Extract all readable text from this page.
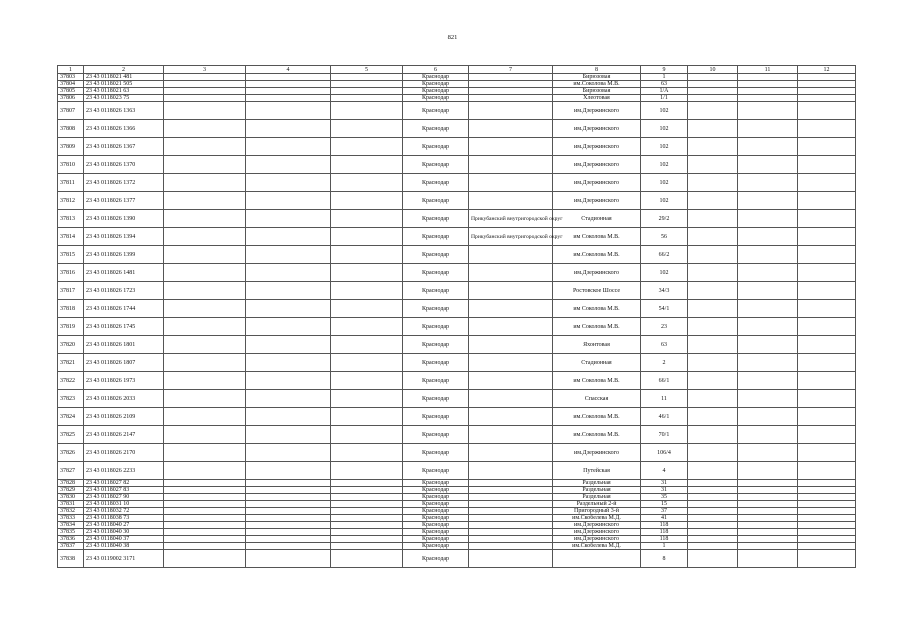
821
1	2	3	4	5	6	7	8	9	10	11	12
37803	23 43 0118021 481				Краснодар		Бирюзовая	1			
37804	23 43 0118021 505				Краснодар		им.Соколова М.В.	63			
37805	23 43 0118021 63				Краснодар		Бирюзовая	1/А			
37806	23 43 0118023 75				Краснодар		Хлеотовая	1/1			
37807	23 43 0118026 1363				Краснодар		им.Дзержинского	102			
37808	23 43 0118026 1366				Краснодар		им.Дзержинского	102			
37809	23 43 0118026 1367				Краснодар		им.Дзержинского	102			
37810	23 43 0118026 1370				Краснодар		им.Дзержинского	102			
37811	23 43 0118026 1372				Краснодар		им.Дзержинского	102			
37812	23 43 0118026 1377				Краснодар		им.Дзержинского	102			
37813	23 43 0118026 1390				Краснодар	Прикубанский внутригородской округ	Стадионная	29/2			
37814	23 43 0118026 1394				Краснодар	Прикубанский внутригородской округ	им Соколова М.В.	56			
37815	23 43 0118026 1399				Краснодар		им.Соколова М.В.	66/2			
37816	23 43 0118026 1481				Краснодар		им.Дзержинского	102			
37817	23 43 0118026 1723				Краснодар		Ростовское Шоссе	34/3			
37818	23 43 0118026 1744				Краснодар		им Соколова М.В.	54/1			
37819	23 43 0118026 1745				Краснодар		им Соколова М.В.	23			
37820	23 43 0118026 1801				Краснодар		Яхонтовая	63			
37821	23 43 0118026 1807				Краснодар		Стадионная	2			
37822	23 43 0118026 1973				Краснодар		им Соколова М.В.	66/1			
37823	23 43 0118026 2033				Краснодар		Спасская	11			
37824	23 43 0118026 2109				Краснодар		им.Соколова М.В.	46/1			
37825	23 43 0118026 2147				Краснодар		им.Соколова М.В.	70/1			
37826	23 43 0118026 2170				Краснодар		им.Дзержинского	106/4			
37827	23 43 0118026 2233				Краснодар		Путейская	4			
37828	23 43 0118027 82				Краснодар		Раздельная	31			
37829	23 43 0118027 83				Краснодар		Раздельная	31			
37830	23 43 0118027 90				Краснодар		Раздельная	35			
37831	23 43 0118031 10				Краснодар		Раздельный 2-й	15			
37832	23 43 0118032 72				Краснодар		Пригородный 3-й	37			
37833	23 43 0118038 73				Краснодар		им.Скобелева М.Д.	41			
37834	23 43 0118040 27				Краснодар		им.Дзержинского	118			
37835	23 43 0118040 30				Краснодар		им.Дзержинского	118			
37836	23 43 0118040 37				Краснодар		им.Дзержинского	118			
37837	23 43 0118040 38				Краснодар		им.Скобелева М.Д.	1			
37838	23 43 0119002 3171				Краснодар			8			
